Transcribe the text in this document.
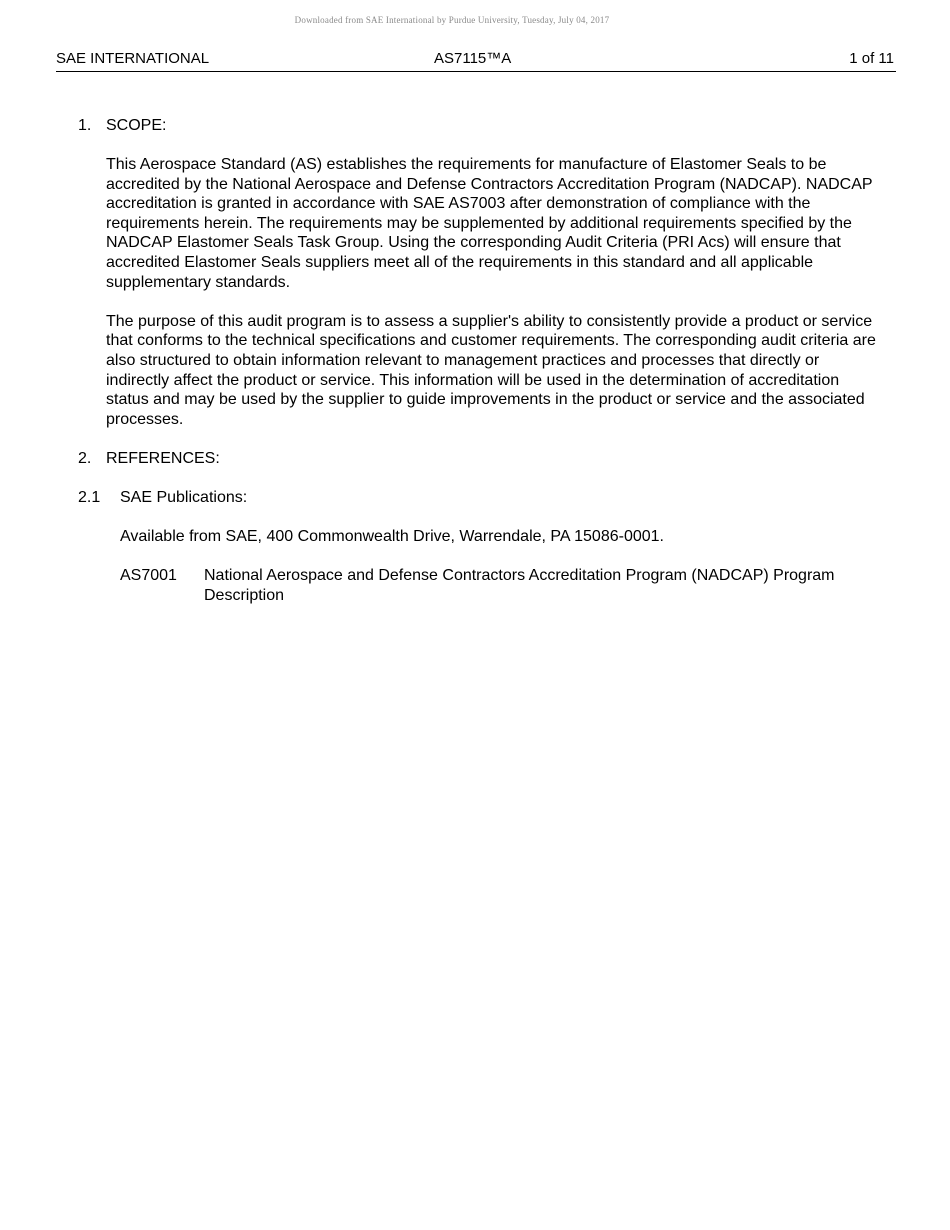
Downloaded from SAE International by Purdue University, Tuesday, July 04, 2017
SAE INTERNATIONAL	AS7115™A	1 of 11
1. SCOPE:

This Aerospace Standard (AS) establishes the requirements for manufacture of Elastomer Seals to be accredited by the National Aerospace and Defense Contractors Accreditation Program (NADCAP). NADCAP accreditation is granted in accordance with SAE AS7003 after demonstration of compliance with the requirements herein. The requirements may be supplemented by additional requirements specified by the NADCAP Elastomer Seals Task Group. Using the corresponding Audit Criteria (PRI Acs) will ensure that accredited Elastomer Seals suppliers meet all of the requirements in this standard and all applicable supplementary standards.

The purpose of this audit program is to assess a supplier's ability to consistently provide a product or service that conforms to the technical specifications and customer requirements. The corresponding audit criteria are also structured to obtain information relevant to management practices and processes that directly or indirectly affect the product or service. This information will be used in the determination of accreditation status and may be used by the supplier to guide improvements in the product or service and the associated processes.

2. REFERENCES:
2.1 SAE Publications:

Available from SAE, 400 Commonwealth Drive, Warrendale, PA 15086-0001.

AS7001 National Aerospace and Defense Contractors Accreditation Program (NADCAP) Program Description
